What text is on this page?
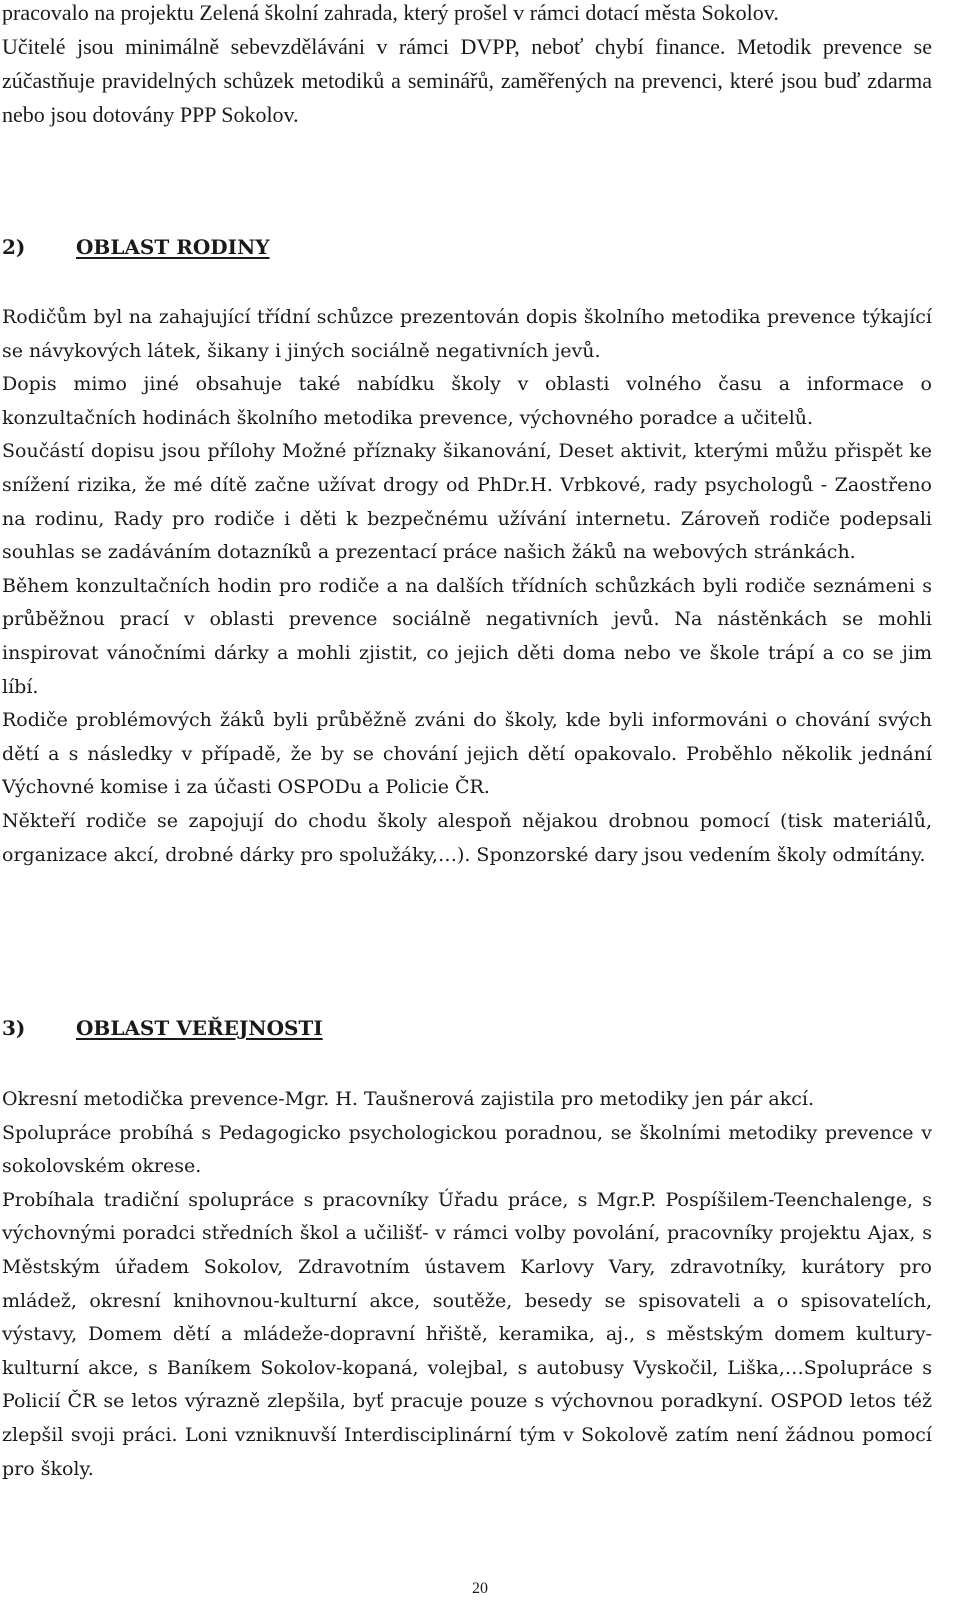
pracovalo na projektu Zelená školní zahrada, který prošel v rámci dotací města Sokolov.

Učitelé jsou minimálně sebevzděláváni v rámci DVPP, neboť chybí finance. Metodik prevence se zúčastňuje pravidelných schůzek metodiků a seminářů, zaměřených na prevenci, které jsou buď zdarma nebo jsou dotovány PPP Sokolov.

2)	OBLAST RODINY

Rodičům byl na zahajující třídní schůzce prezentován dopis školního metodika prevence týkající se návykových látek, šikany i jiných sociálně negativních jevů.

Dopis mimo jiné obsahuje také nabídku školy v oblasti volného času a informace o konzultačních hodinách školního metodika prevence, výchovného poradce a učitelů.

Součástí dopisu jsou přílohy Možné příznaky šikanování, Deset aktivit, kterými můžu přispět ke snížení rizika, že mé dítě začne užívat drogy od PhDr.H. Vrbkové, rady psychologů - Zaostřeno na rodinu, Rady pro rodiče i děti k bezpečnému užívání internetu. Zároveň rodiče podepsali souhlas se zadáváním dotazníků a prezentací práce našich žáků na webových stránkách.

Během konzultačních hodin pro rodiče a na dalších třídních schůzkách byli rodiče seznámeni s průběžnou prací v oblasti prevence sociálně negativních jevů. Na nástěnkách se mohli inspirovat vánočními dárky a mohli zjistit, co jejich děti doma nebo ve škole trápí a co se jim líbí.

Rodiče problémových žáků byli průběžně zváni do školy, kde byli informováni o chování svých dětí a s následky v případě, že by se chování jejich dětí opakovalo. Proběhlo několik jednání Výchovné komise i za účasti OSPODu a Policie ČR.

Někteří rodiče se zapojují do chodu školy alespoň nějakou drobnou pomocí (tisk materiálů, organizace akcí, drobné dárky pro spolužáky,…). Sponzorské dary jsou vedením školy odmítány.

3)	OBLAST VEŘEJNOSTI

Okresní metodička prevence-Mgr. H. Taušnerová zajistila pro metodiky jen pár akcí.

Spolupráce probíhá s Pedagogicko psychologickou poradnou, se školními metodiky prevence v sokolovském okrese.

Probíhala tradiční spolupráce s pracovníky Úřadu práce, s Mgr.P. Pospíšilem-Teenchalenge, s výchovnými poradci středních škol a učilišť- v rámci volby povolání, pracovníky projektu Ajax, s Městským úřadem Sokolov, Zdravotním ústavem Karlovy Vary, zdravotníky, kurátory pro mládež, okresní knihovnou-kulturní akce, soutěže, besedy se spisovateli a o spisovatelích, výstavy, Domem dětí a mládeže-dopravní hřiště, keramika, aj., s městským domem kultury-kulturní akce, s Baníkem Sokolov-kopaná, volejbal, s autobusy Vyskočil, Liška,…Spolupráce s Policií ČR se letos výrazně zlepšila, byť pracuje pouze s výchovnou poradkyní. OSPOD letos též zlepšil svoji práci. Loni vzniknuvší Interdisciplinární tým v Sokolově zatím není žádnou pomocí pro školy.

20
